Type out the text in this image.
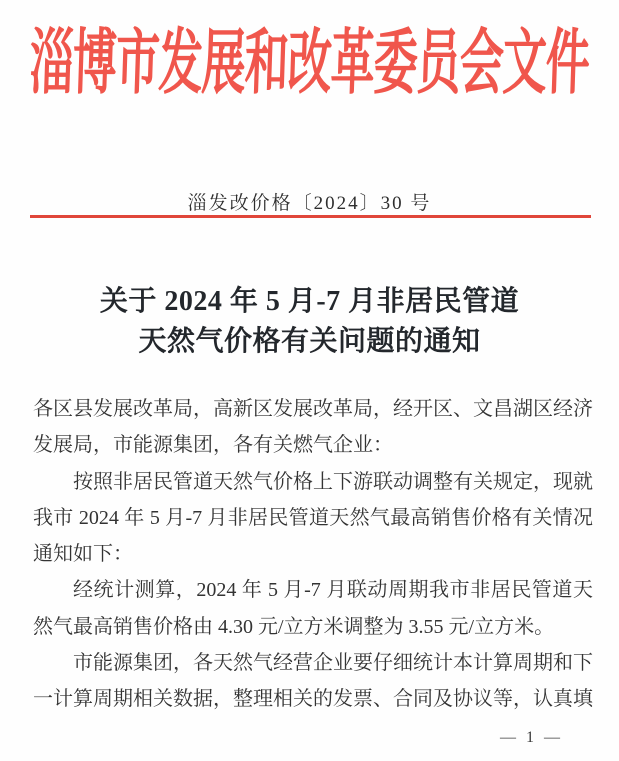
淄博市发展和改革委员会文件
淄发改价格〔2024〕30 号
关于 2024 年 5 月-7 月非居民管道
天然气价格有关问题的通知

各区县发展改革局，高新区发展改革局，经开区、文昌湖区经济发展局，市能源集团，各有关燃气企业：

按照非居民管道天然气价格上下游联动调整有关规定，现就我市 2024 年 5 月-7 月非居民管道天然气最高销售价格有关情况通知如下：

经统计测算，2024 年 5 月-7 月联动周期我市非居民管道天然气最高销售价格由 4.30 元/立方米调整为 3.55 元/立方米。

市能源集团，各天然气经营企业要仔细统计本计算周期和下一计算周期相关数据，整理相关的发票、合同及协议等，认真填

— 1 —
